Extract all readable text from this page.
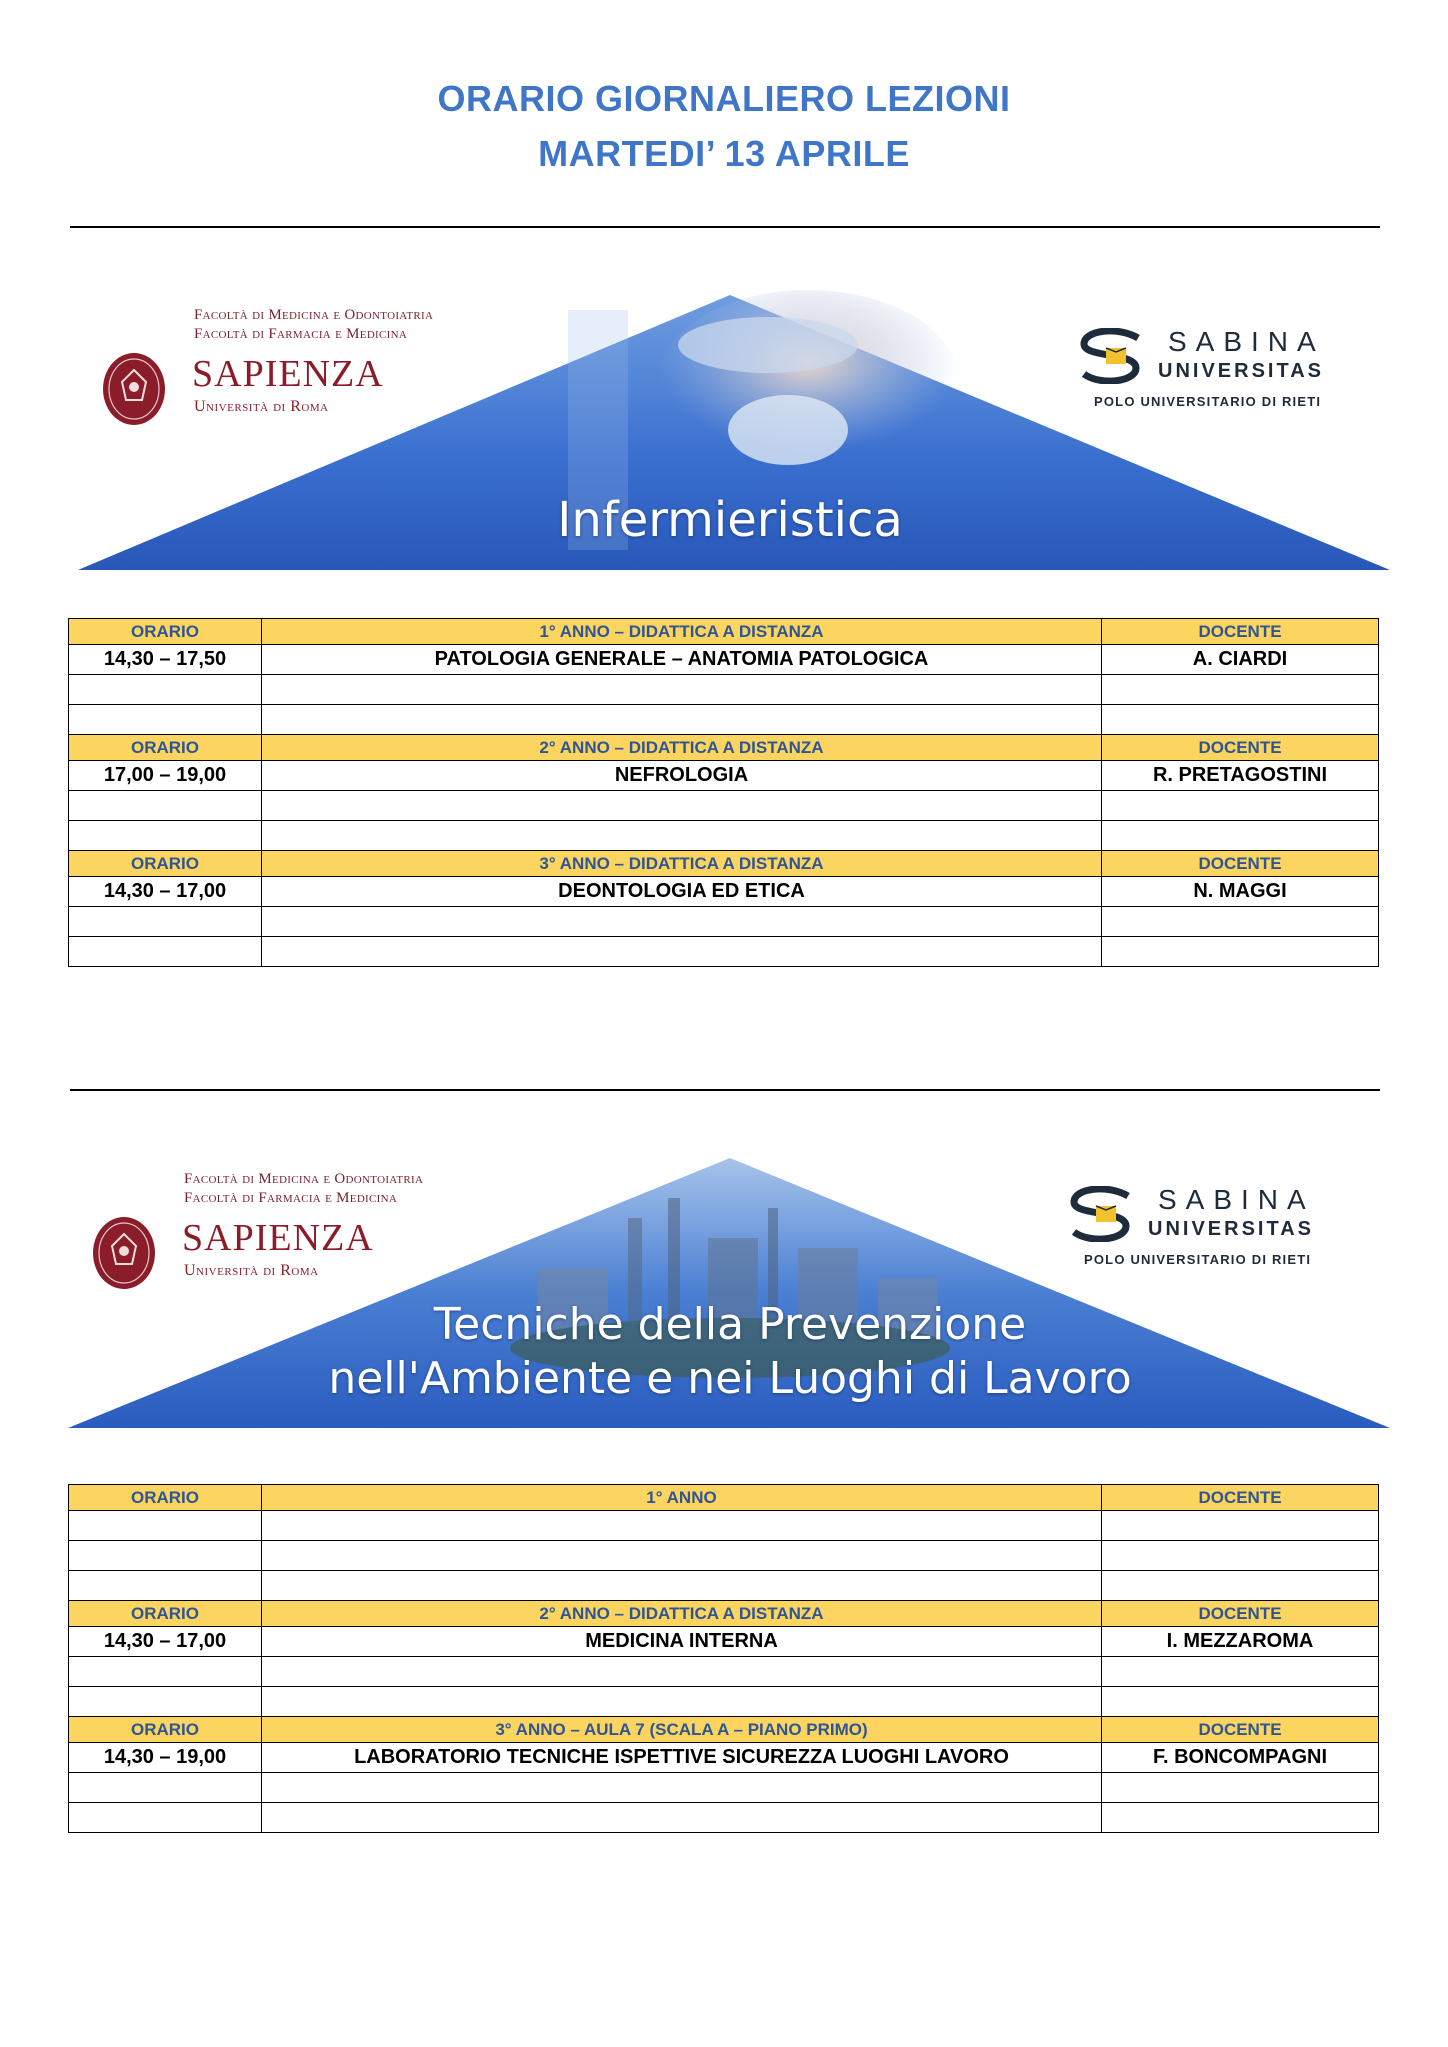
ORARIO GIORNALIERO LEZIONI
MARTEDI’ 13 APRILE
Facoltà di Medicina e Odontoiatria
Facoltà di Farmacia e Medicina
SAPIENZA
Università di Roma
SABINA
UNIVERSITAS
POLO UNIVERSITARIO DI RIETI
Infermieristica
ORARIO	1° ANNO – DIDATTICA A DISTANZA	DOCENTE
14,30 – 17,50	PATOLOGIA GENERALE – ANATOMIA PATOLOGICA	A. CIARDI

ORARIO	2° ANNO – DIDATTICA A DISTANZA	DOCENTE
17,00 – 19,00	NEFROLOGIA	R. PRETAGOSTINI

ORARIO	3° ANNO – DIDATTICA A DISTANZA	DOCENTE
14,30 – 17,00	DEONTOLOGIA ED ETICA	N. MAGGI

Facoltà di Medicina e Odontoiatria
Facoltà di Farmacia e Medicina
SAPIENZA
Università di Roma
SABINA
UNIVERSITAS
POLO UNIVERSITARIO DI RIETI
Tecniche della Prevenzione
nell'Ambiente e nei Luoghi di Lavoro
ORARIO	1° ANNO	DOCENTE

ORARIO	2° ANNO – DIDATTICA A DISTANZA	DOCENTE
14,30 – 17,00	MEDICINA INTERNA	I. MEZZAROMA

ORARIO	3° ANNO – AULA 7 (SCALA A – PIANO PRIMO)	DOCENTE
14,30 – 19,00	LABORATORIO TECNICHE ISPETTIVE SICUREZZA LUOGHI LAVORO	F. BONCOMPAGNI
